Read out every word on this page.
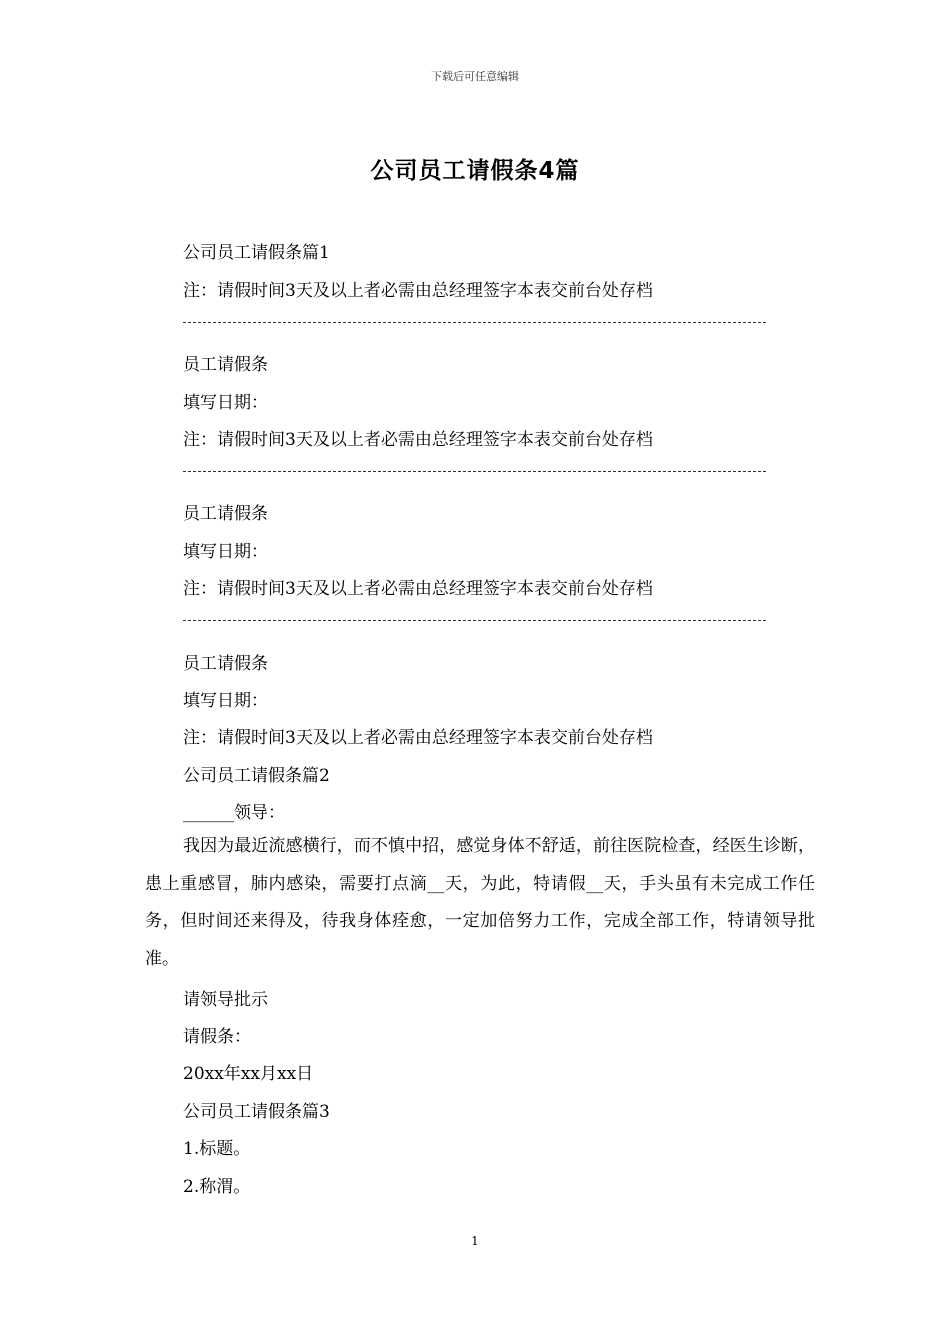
下载后可任意编辑
公司员工请假条4篇
公司员工请假条篇1
注：请假时间3天及以上者必需由总经理签字本表交前台处存档
员工请假条
填写日期：
注：请假时间3天及以上者必需由总经理签字本表交前台处存档
员工请假条
填写日期：
注：请假时间3天及以上者必需由总经理签字本表交前台处存档
员工请假条
填写日期：
注：请假时间3天及以上者必需由总经理签字本表交前台处存档
公司员工请假条篇2
______领导：
我因为最近流感横行，而不慎中招，感觉身体不舒适，前往医院检查，经医生诊断，患上重感冒，肺内感染，需要打点滴__天，为此，特请假__天，手头虽有未完成工作任务，但时间还来得及，待我身体痊愈，一定加倍努力工作，完成全部工作，特请领导批准。
请领导批示
请假条：
20xx年xx月xx日
公司员工请假条篇3
1.标题。
2.称渭。
1
